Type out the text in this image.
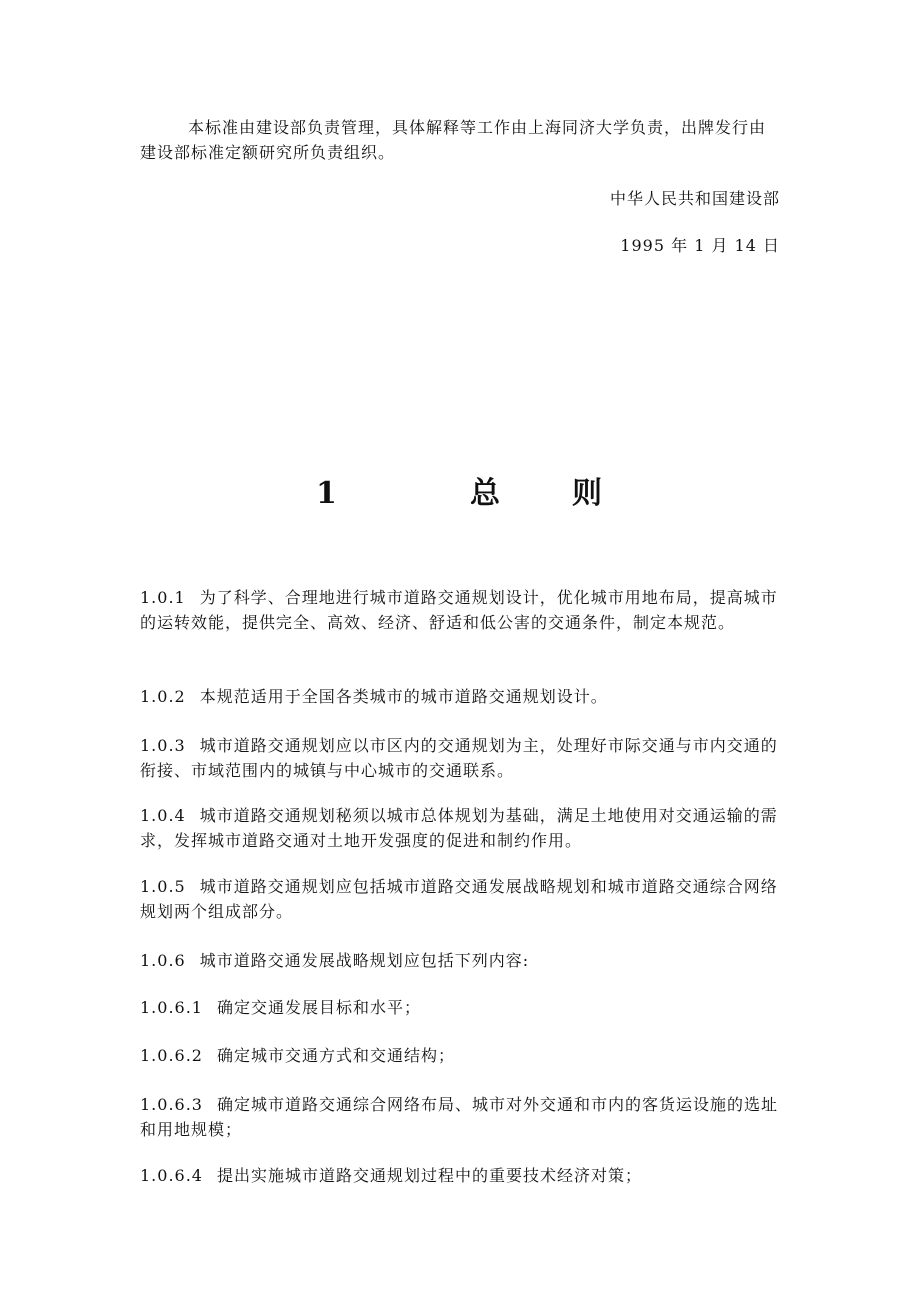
本标准由建设部负责管理，具体解释等工作由上海同济大学负责，出牌发行由建设部标准定额研究所负责组织。
中华人民共和国建设部
1995 年 1 月 14 日
1	总 则
1.0.1 为了科学、合理地进行城市道路交通规划设计，优化城市用地布局，提高城市的运转效能，提供完全、高效、经济、舒适和低公害的交通条件，制定本规范。
1.0.2 本规范适用于全国各类城市的城市道路交通规划设计。
1.0.3 城市道路交通规划应以市区内的交通规划为主，处理好市际交通与市内交通的衔接、市域范围内的城镇与中心城市的交通联系。
1.0.4 城市道路交通规划秘须以城市总体规划为基础，满足土地使用对交通运输的需求，发挥城市道路交通对土地开发强度的促进和制约作用。
1.0.5 城市道路交通规划应包括城市道路交通发展战略规划和城市道路交通综合网络规划两个组成部分。
1.0.6 城市道路交通发展战略规划应包括下列内容:
1.0.6.1 确定交通发展目标和水平；
1.0.6.2 确定城市交通方式和交通结构；
1.0.6.3 确定城市道路交通综合网络布局、城市对外交通和市内的客货运设施的选址和用地规模；
1.0.6.4 提出实施城市道路交通规划过程中的重要技术经济对策；
